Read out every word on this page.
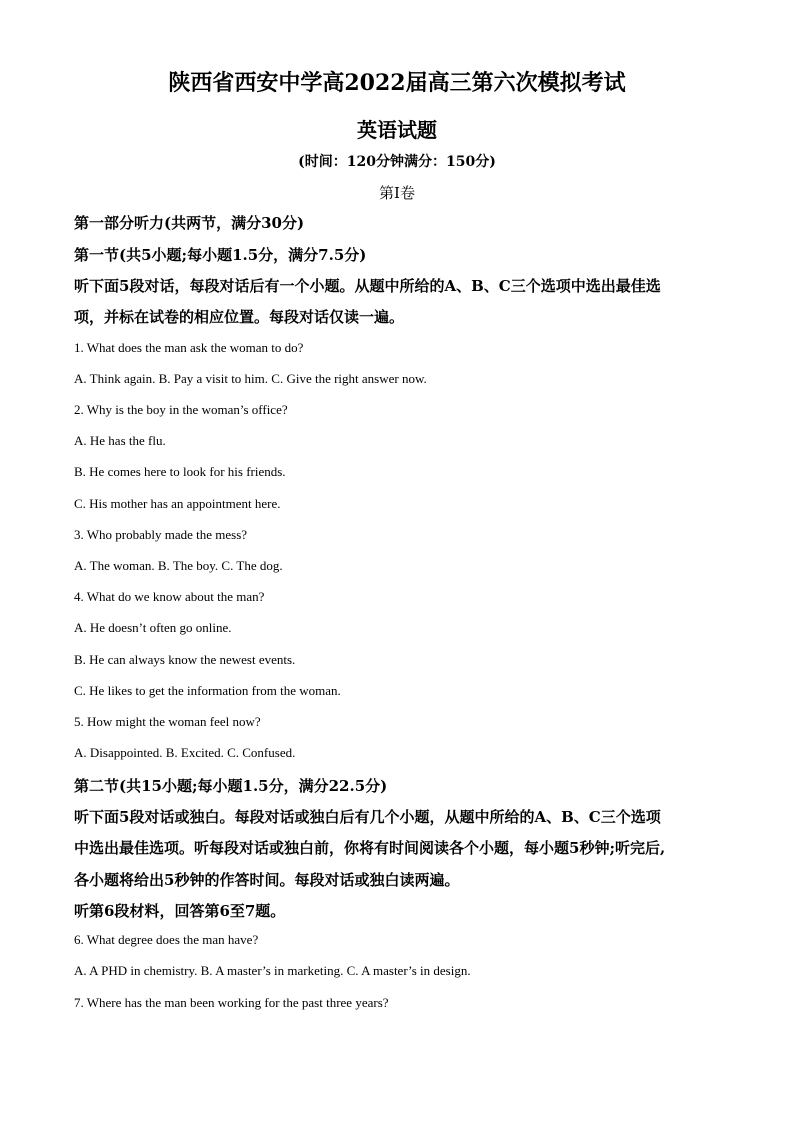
陕西省西安中学高2022届高三第六次模拟考试
英语试题
(时间：120分钟满分：150分)
第Ⅰ卷
第一部分听力(共两节，满分30分)
第一节(共5小题;每小题1.5分，满分7.5分)
听下面5段对话，每段对话后有一个小题。从题中所给的A、B、C三个选项中选出最佳选
项，并标在试卷的相应位置。每段对话仅读一遍。
1. What does the man ask the woman to do?
A. Think again. B. Pay a visit to him. C. Give the right answer now.
2. Why is the boy in the woman’s office?
A. He has the flu.
B. He comes here to look for his friends.
C. His mother has an appointment here.
3. Who probably made the mess?
A. The woman. B. The boy. C. The dog.
4. What do we know about the man?
A. He doesn’t often go online.
B. He can always know the newest events.
C. He likes to get the information from the woman.
5. How might the woman feel now?
A. Disappointed. B. Excited. C. Confused.
第二节(共15小题;每小题1.5分，满分22.5分)
听下面5段对话或独白。每段对话或独白后有几个小题，从题中所给的A、B、C三个选项
中选出最佳选项。听每段对话或独白前，你将有时间阅读各个小题，每小题5秒钟;听完后,
各小题将给出5秒钟的作答时间。每段对话或独白读两遍。
听第6段材料，回答第6至7题。
6. What degree does the man have?
A. A PHD in chemistry. B. A master’s in marketing. C. A master’s in design.
7. Where has the man been working for the past three years?
